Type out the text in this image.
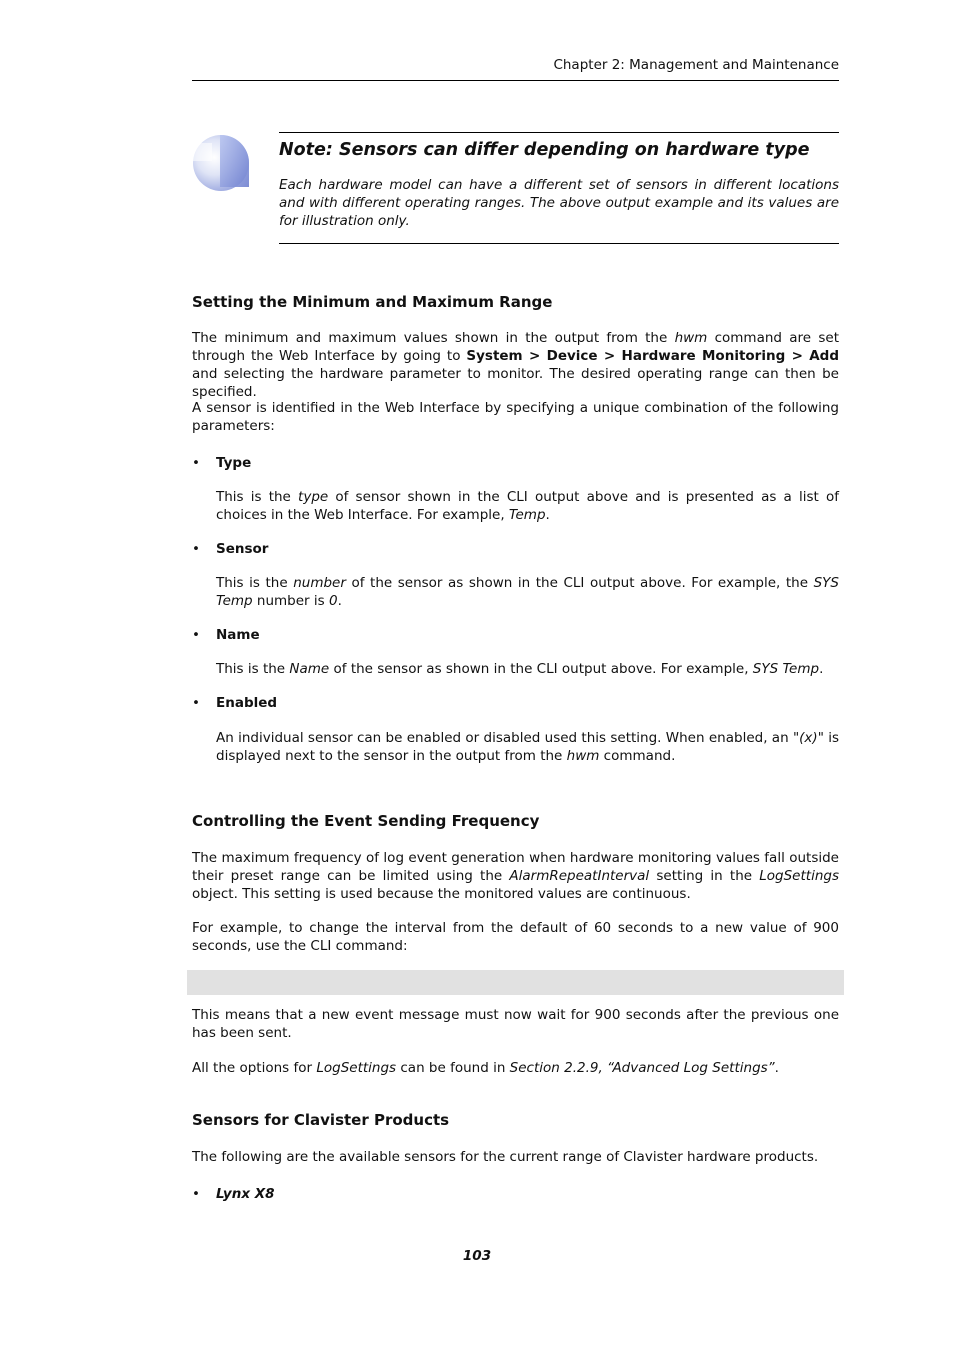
Chapter 2: Management and Maintenance

Note: Sensors can differ depending on hardware type

Each hardware model can have a different set of sensors in different locations and with different operating ranges. The above output example and its values are for illustration only.

Setting the Minimum and Maximum Range

The minimum and maximum values shown in the output from the hwm command are set through the Web Interface by going to System > Device > Hardware Monitoring > Add and selecting the hardware parameter to monitor. The desired operating range can then be specified.

A sensor is identified in the Web Interface by specifying a unique combination of the following parameters:

• Type

This is the type of sensor shown in the CLI output above and is presented as a list of choices in the Web Interface. For example, Temp.

• Sensor

This is the number of the sensor as shown in the CLI output above. For example, the SYS Temp number is 0.

• Name

This is the Name of the sensor as shown in the CLI output above. For example, SYS Temp.

• Enabled

An individual sensor can be enabled or disabled used this setting. When enabled, an "(x)" is displayed next to the sensor in the output from the hwm command.

Controlling the Event Sending Frequency

The maximum frequency of log event generation when hardware monitoring values fall outside their preset range can be limited using the AlarmRepeatInterval setting in the LogSettings object. This setting is used because the monitored values are continuous.

For example, to change the interval from the default of 60 seconds to a new value of 900 seconds, use the CLI command:

This means that a new event message must now wait for 900 seconds after the previous one has been sent.

All the options for LogSettings can be found in Section 2.2.9, “Advanced Log Settings”.

Sensors for Clavister Products

The following are the available sensors for the current range of Clavister hardware products.

• Lynx X8
103
